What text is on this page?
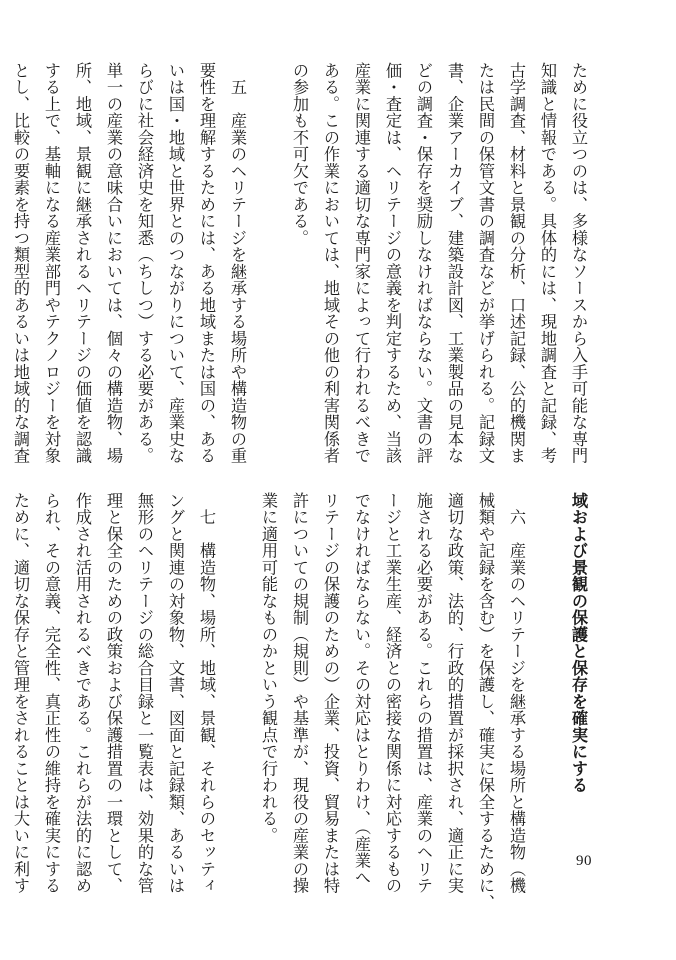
ために役立つのは、多様なソースから入手可能な専門
知識と情報である。具体的には、現地調査と記録、考
古学調査、材料と景観の分析、口述記録、公的機関ま
たは民間の保管文書の調査などが挙げられる。記録文
書、企業アーカイブ、建築設計図、工業製品の見本な
どの調査・保存を奨励しなければならない。文書の評
価・査定は、ヘリテージの意義を判定するため、当該
産業に関連する適切な専門家によって行われるべきで
ある。この作業においては、地域その他の利害関係者
の参加も不可欠である。

　五　産業のヘリテージを継承する場所や構造物の重
要性を理解するためには、ある地域または国の、ある
いは国・地域と世界とのつながりについて、産業史な
らびに社会経済史を知悉（ちしつ）する必要がある。
単一の産業の意味合いにおいては、個々の構造物、場
所、地域、景観に継承されるヘリテージの価値を認識
する上で、基軸になる産業部門やテクノロジーを対象
とし、比較の要素を持つ類型的あるいは地域的な調査

域および景観の保護と保存を確実にする

　六　産業のヘリテージを継承する場所と構造物（機
械類や記録を含む）を保護し、確実に保全するために、
適切な政策、法的、行政的措置が採択され、適正に実
施される必要がある。これらの措置は、産業のヘリテ
ージと工業生産、経済との密接な関係に対応するもの
でなければならない。その対応はとりわけ、（産業へ
リテージの保護のための）企業、投資、貿易または特
許についての規制（規則）や基準が、現役の産業の操
業に適用可能なものかという観点で行われる。

　七　構造物、場所、地域、景観、それらのセッティ
ングと関連の対象物、文書、図面と記録類、あるいは
無形のヘリテージの総合目録と一覧表は、効果的な管
理と保全のための政策および保護措置の一環として、
作成され活用されるべきである。これらが法的に認め
られ、その意義、完全性、真正性の維持を確実にする
ために、適切な保存と管理をされることは大いに利す	90
